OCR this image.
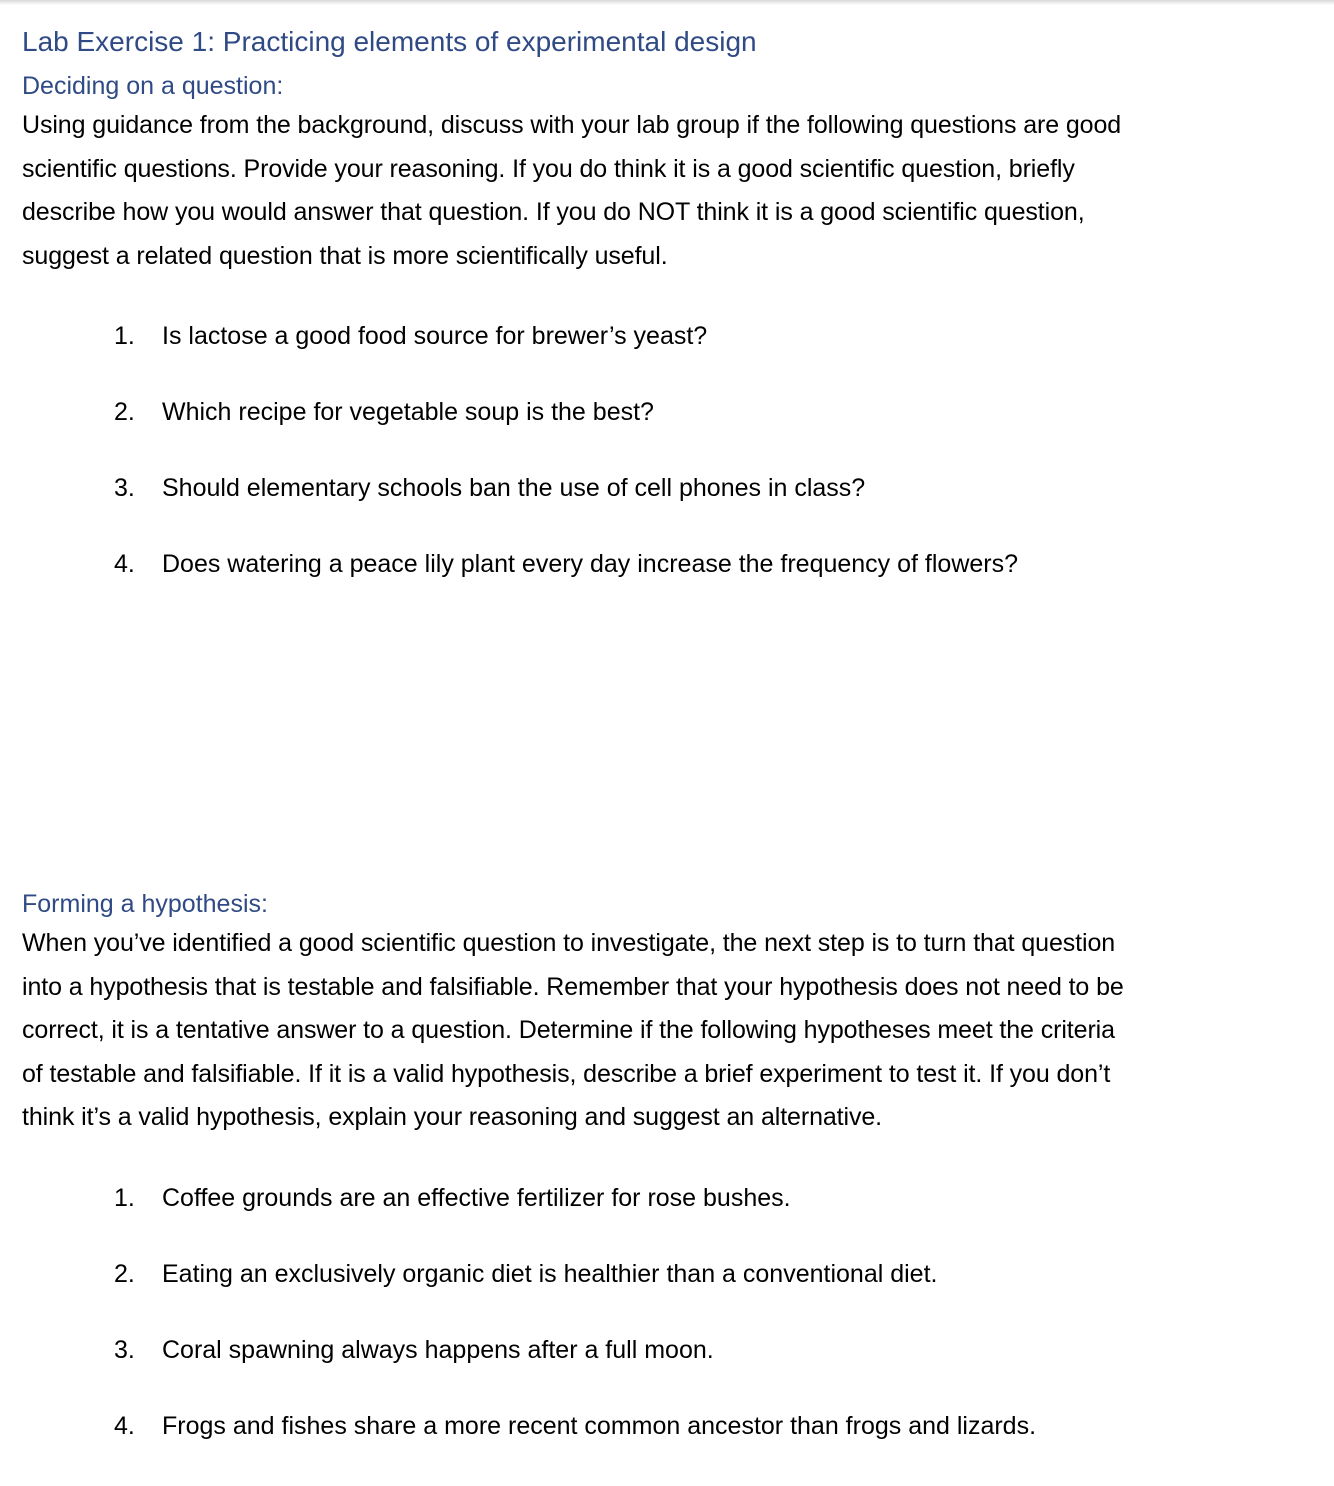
Lab Exercise 1: Practicing elements of experimental design
Deciding on a question:

Using guidance from the background, discuss with your lab group if the following questions are good
scientific questions. Provide your reasoning. If you do think it is a good scientific question, briefly
describe how you would answer that question. If you do NOT think it is a good scientific question,
suggest a related question that is more scientifically useful.

1.	Is lactose a good food source for brewer’s yeast?
2.	Which recipe for vegetable soup is the best?
3.	Should elementary schools ban the use of cell phones in class?
4.	Does watering a peace lily plant every day increase the frequency of flowers?
Forming a hypothesis:

When you’ve identified a good scientific question to investigate, the next step is to turn that question
into a hypothesis that is testable and falsifiable. Remember that your hypothesis does not need to be
correct, it is a tentative answer to a question. Determine if the following hypotheses meet the criteria
of testable and falsifiable. If it is a valid hypothesis, describe a brief experiment to test it. If you don’t
think it’s a valid hypothesis, explain your reasoning and suggest an alternative.

1.	Coffee grounds are an effective fertilizer for rose bushes.
2.	Eating an exclusively organic diet is healthier than a conventional diet.
3.	Coral spawning always happens after a full moon.
4.	Frogs and fishes share a more recent common ancestor than frogs and lizards.
